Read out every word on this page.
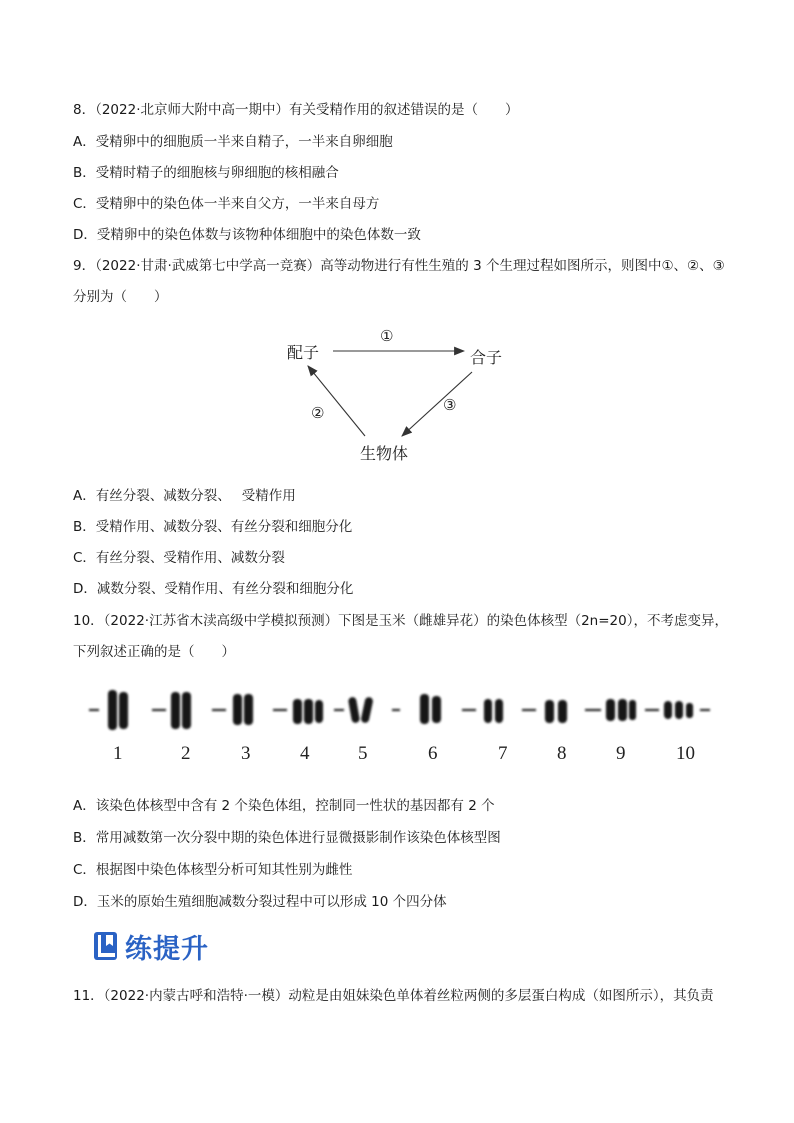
8．（2022·北京师大附中高一期中）有关受精作用的叙述错误的是（　　）
A．受精卵中的细胞质一半来自精子，一半来自卵细胞
B．受精时精子的细胞核与卵细胞的核相融合
C．受精卵中的染色体一半来自父方，一半来自母方
D．受精卵中的染色体数与该物种体细胞中的染色体数一致
9．（2022·甘肃·武威第七中学高一竞赛）高等动物进行有性生殖的 3 个生理过程如图所示，则图中①、②、③
分别为（　　）
配子	合子
生物体
①
②	③
A．有丝分裂、减数分裂、　 受精作用
B．受精作用、减数分裂、有丝分裂和细胞分化
C．有丝分裂、受精作用、减数分裂
D．减数分裂、受精作用、有丝分裂和细胞分化
10．（2022·江苏省木渎高级中学模拟预测）下图是玉米（雌雄异花）的染色体核型（2n=20），不考虑变异，
下列叙述正确的是（　　）
1	2	3	4	5	6	7	8	9	10
A．该染色体核型中含有 2 个染色体组，控制同一性状的基因都有 2 个
B．常用减数第一次分裂中期的染色体进行显微摄影制作该染色体核型图
C．根据图中染色体核型分析可知其性别为雌性
D．玉米的原始生殖细胞减数分裂过程中可以形成 10 个四分体
练提升
11．（2022·内蒙古呼和浩特·一模）动粒是由姐妹染色单体着丝粒两侧的多层蛋白构成（如图所示），其负责
